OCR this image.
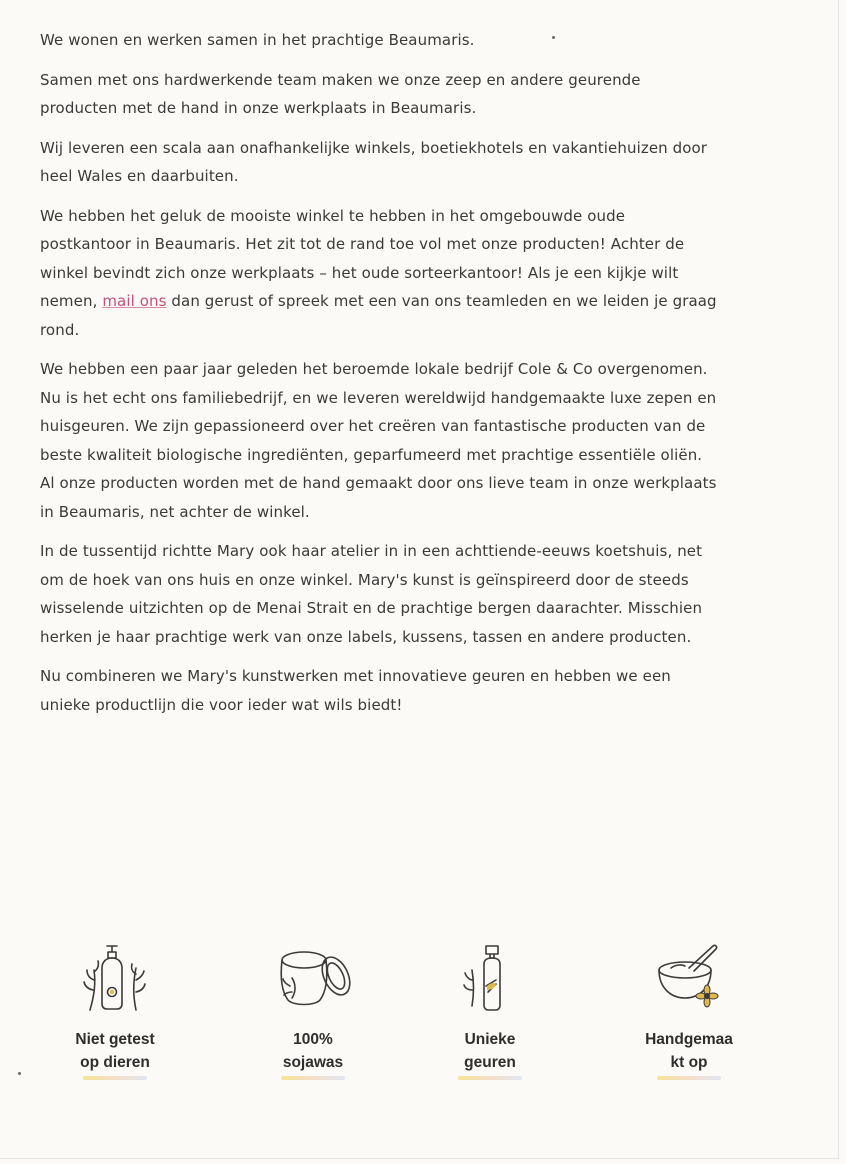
We wonen en werken samen in het prachtige Beaumaris.

Samen met ons hardwerkende team maken we onze zeep en andere geurende producten met de hand in onze werkplaats in Beaumaris.

Wij leveren een scala aan onafhankelijke winkels, boetiekhotels en vakantiehuizen door heel Wales en daarbuiten.

We hebben het geluk de mooiste winkel te hebben in het omgebouwde oude postkantoor in Beaumaris. Het zit tot de rand toe vol met onze producten! Achter de winkel bevindt zich onze werkplaats – het oude sorteerkantoor! Als je een kijkje wilt nemen, mail ons dan gerust of spreek met een van ons teamleden en we leiden je graag rond.

We hebben een paar jaar geleden het beroemde lokale bedrijf Cole & Co overgenomen. Nu is het echt ons familiebedrijf, en we leveren wereldwijd handgemaakte luxe zepen en huisgeuren. We zijn gepassioneerd over het creëren van fantastische producten van de beste kwaliteit biologische ingrediënten, geparfumeerd met prachtige essentiële oliën. Al onze producten worden met de hand gemaakt door ons lieve team in onze werkplaats in Beaumaris, net achter de winkel.

In de tussentijd richtte Mary ook haar atelier in in een achttiende-eeuws koetshuis, net om de hoek van ons huis en onze winkel. Mary's kunst is geïnspireerd door de steeds wisselende uitzichten op de Menai Strait en de prachtige bergen daarachter. Misschien herken je haar prachtige werk van onze labels, kussens, tassen en andere producten.

Nu combineren we Mary's kunstwerken met innovatieve geuren en hebben we een unieke productlijn die voor ieder wat wils biedt!

Niet getest
op dieren
100%
sojawas
Unieke
geuren
Handgemaa
kt op
